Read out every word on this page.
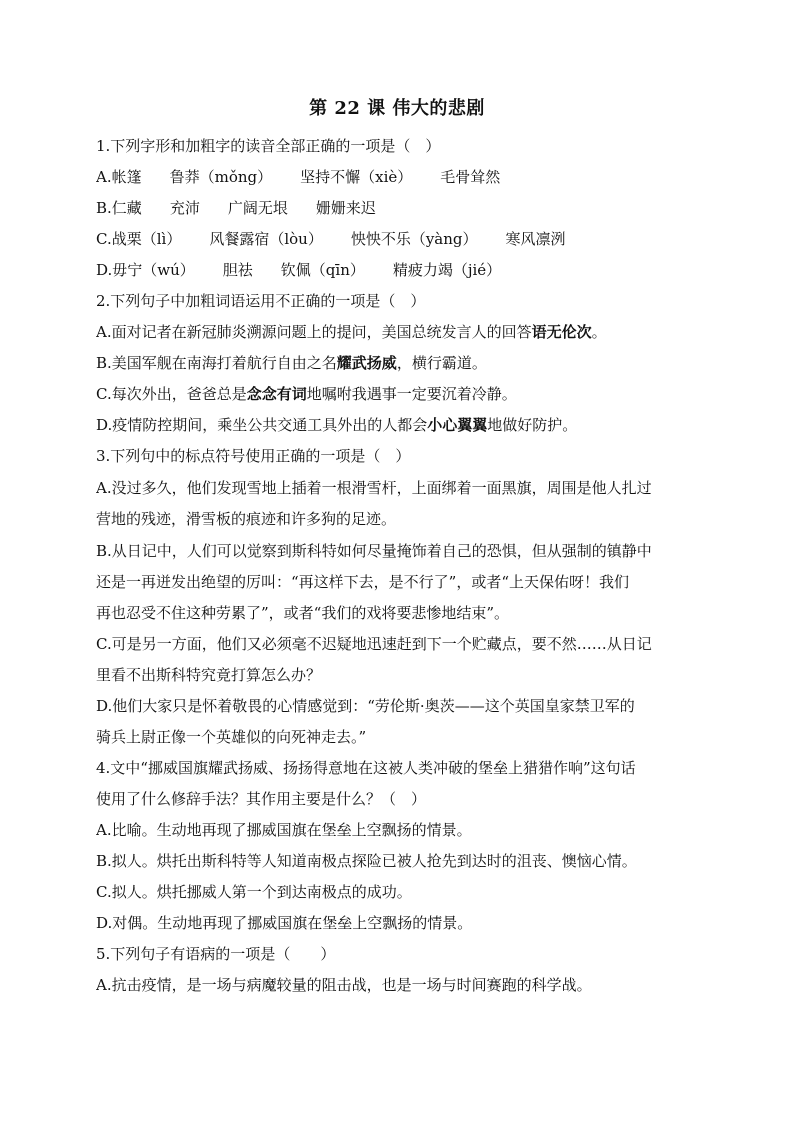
第 22 课 伟大的悲剧
1.下列字形和加粗字的读音全部正确的一项是（　）
A.帐篷 鲁莽（mǒng） 坚持不懈（xiè） 毛骨耸然
B.仁藏 充沛 广阔无垠 姗姗来迟
C.战栗（lì） 风餐露宿（lòu） 怏怏不乐（yàng） 寒风凛洌
D.毋宁（wú） 胆祛 钦佩（qīn） 精疲力竭（jié）
2.下列句子中加粗词语运用不正确的一项是（　）
A.面对记者在新冠肺炎溯源问题上的提问，美国总统发言人的回答语无伦次。
B.美国军舰在南海打着航行自由之名耀武扬威，横行霸道。
C.每次外出，爸爸总是念念有词地嘱咐我遇事一定要沉着冷静。
D.疫情防控期间，乘坐公共交通工具外出的人都会小心翼翼地做好防护。
3.下列句中的标点符号使用正确的一项是（　）
A.没过多久，他们发现雪地上插着一根滑雪杆，上面绑着一面黑旗，周围是他人扎过
营地的残迹，滑雪板的痕迹和许多狗的足迹。
B.从日记中，人们可以觉察到斯科特如何尽量掩饰着自己的恐惧，但从强制的镇静中
还是一再迸发出绝望的厉叫：“再这样下去，是不行了”，或者“上天保佑呀！我们
再也忍受不住这种劳累了”，或者“我们的戏将要悲惨地结束”。
C.可是另一方面，他们又必须毫不迟疑地迅速赶到下一个贮藏点，要不然……从日记
里看不出斯科特究竟打算怎么办？
D.他们大家只是怀着敬畏的心情感觉到：“劳伦斯·奥茨——这个英国皇家禁卫军的
骑兵上尉正像一个英雄似的向死神走去。”
4.文中“挪威国旗耀武扬威、扬扬得意地在这被人类冲破的堡垒上猎猎作响”这句话
使用了什么修辞手法？其作用主要是什么？（　）
A.比喻。生动地再现了挪威国旗在堡垒上空飘扬的情景。
B.拟人。烘托出斯科特等人知道南极点探险已被人抢先到达时的沮丧、懊恼心情。
C.拟人。烘托挪威人第一个到达南极点的成功。
D.对偶。生动地再现了挪威国旗在堡垒上空飘扬的情景。
5.下列句子有语病的一项是（　　）
A.抗击疫情，是一场与病魔较量的阻击战，也是一场与时间赛跑的科学战。
